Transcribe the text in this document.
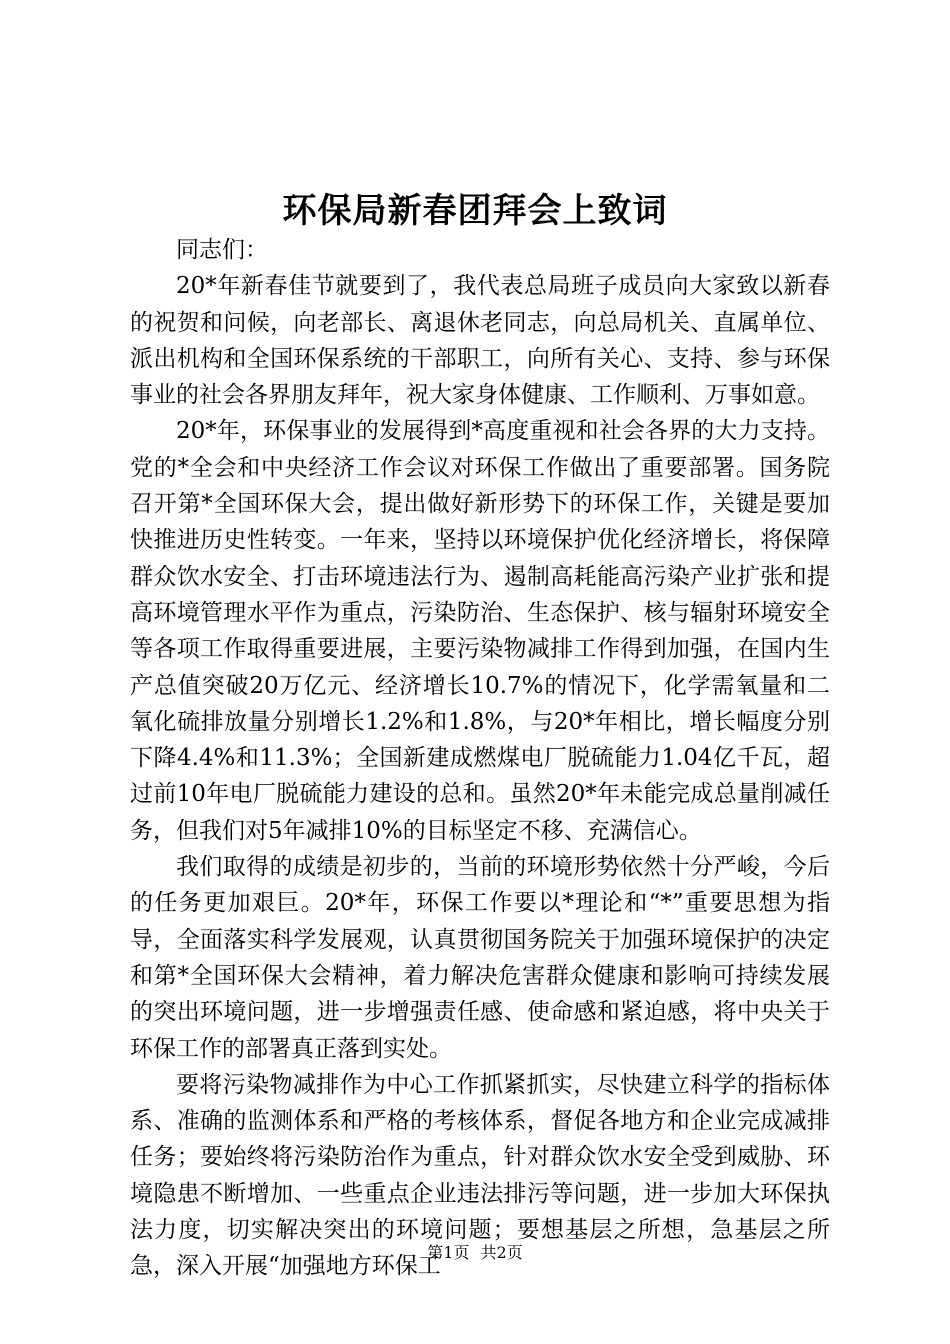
环保局新春团拜会上致词

同志们：

20*年新春佳节就要到了，我代表总局班子成员向大家致以新春的祝贺和问候，向老部长、离退休老同志，向总局机关、直属单位、派出机构和全国环保系统的干部职工，向所有关心、支持、参与环保事业的社会各界朋友拜年，祝大家身体健康、工作顺利、万事如意。

20*年，环保事业的发展得到*高度重视和社会各界的大力支持。党的*全会和中央经济工作会议对环保工作做出了重要部署。国务院召开第*全国环保大会，提出做好新形势下的环保工作，关键是要加快推进历史性转变。一年来，坚持以环境保护优化经济增长，将保障群众饮水安全、打击环境违法行为、遏制高耗能高污染产业扩张和提高环境管理水平作为重点，污染防治、生态保护、核与辐射环境安全等各项工作取得重要进展，主要污染物减排工作得到加强，在国内生产总值突破20万亿元、经济增长10.7%的情况下，化学需氧量和二氧化硫排放量分别增长1.2%和1.8%，与20*年相比，增长幅度分别下降4.4%和11.3%；全国新建成燃煤电厂脱硫能力1.04亿千瓦，超过前10年电厂脱硫能力建设的总和。虽然20*年未能完成总量削减任务，但我们对5年减排10%的目标坚定不移、充满信心。

我们取得的成绩是初步的，当前的环境形势依然十分严峻，今后的任务更加艰巨。20*年，环保工作要以*理论和“*”重要思想为指导，全面落实科学发展观，认真贯彻国务院关于加强环境保护的决定和第*全国环保大会精神，着力解决危害群众健康和影响可持续发展的突出环境问题，进一步增强责任感、使命感和紧迫感，将中央关于环保工作的部署真正落到实处。

要将污染物减排作为中心工作抓紧抓实，尽快建立科学的指标体系、准确的监测体系和严格的考核体系，督促各地方和企业完成减排任务；要始终将污染防治作为重点，针对群众饮水安全受到威胁、环境隐患不断增加、一些重点企业违法排污等问题，进一步加大环保执法力度，切实解决突出的环境问题；要想基层之所想，急基层之所急，深入开展“加强地方环保工

第1页 共2页
